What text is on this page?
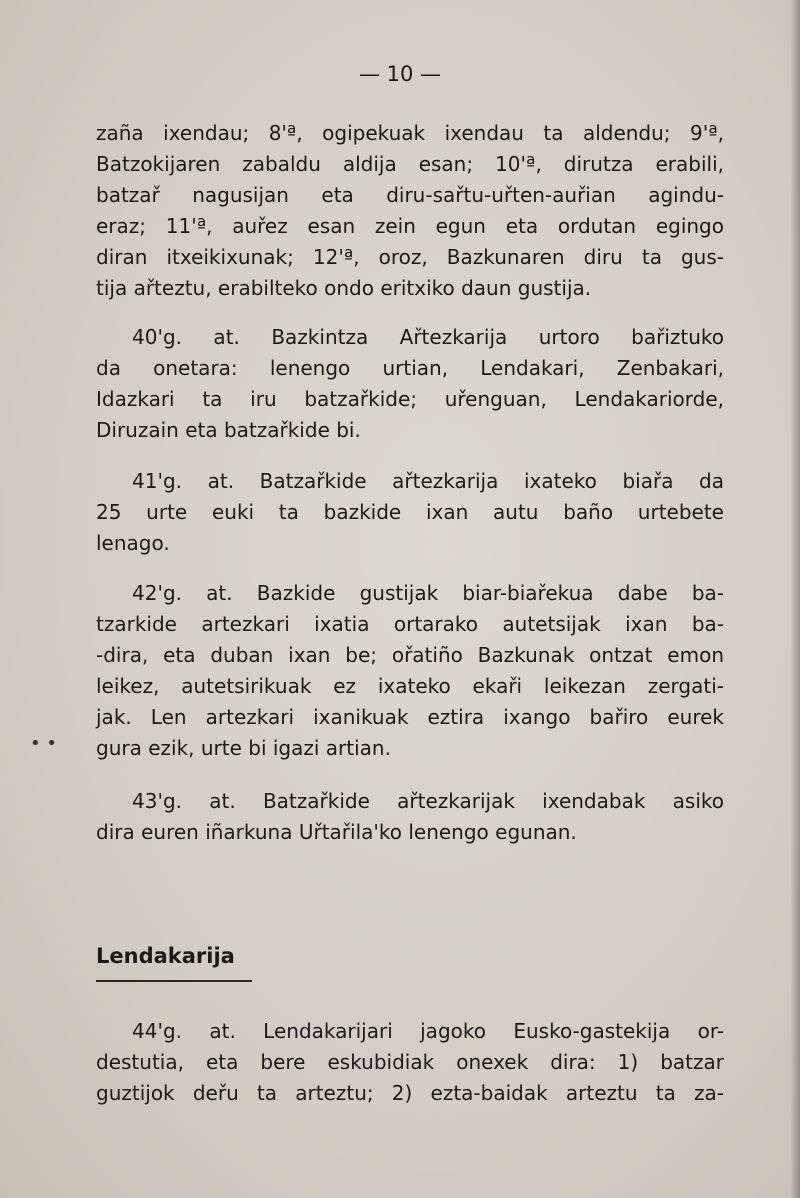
— 10 —
zaña ixendau; 8'ª, ogipekuak ixendau ta aldendu; 9'ª,
Batzokijaren zabaldu aldija esan; 10'ª, dirutza erabili,
batzař nagusijan eta diru-sařtu-uřten-auřian agindu-
eraz; 11'ª, auřez esan zein egun eta ordutan egingo
diran itxeikixunak; 12'ª, oroz, Bazkunaren diru ta gus-
tija ařteztu, erabilteko ondo eritxiko daun gustija.
40'g. at. Bazkintza Ařtezkarija urtoro bařiztuko
da onetara: lenengo urtian, Lendakari, Zenbakari,
Idazkari ta iru batzařkide; uřenguan, Lendakariorde,
Diruzain eta batzařkide bi.
41'g. at. Batzařkide ařtezkarija ixateko biařa da
25 urte euki ta bazkide ixan autu baño urtebete
lenago.
42'g. at. Bazkide gustijak biar-biařekua dabe ba-
tzarkide artezkari ixatia ortarako autetsijak ixan ba-
-dira, eta duban ixan be; ořatiño Bazkunak ontzat emon
leikez, autetsirikuak ez ixateko ekaři leikezan zergati-
jak. Len artezkari ixanikuak eztira ixango bařiro eurek
gura ezik, urte bi igazi artian.
• •
43'g. at. Batzařkide ařtezkarijak ixendabak asiko
dira euren iñarkuna Uřtařila'ko lenengo egunan.
Lendakarija
44'g. at. Lendakarijari jagoko Eusko-gastekija or-
destutia, eta bere eskubidiak onexek dira: 1) batzar
guztijok deřu ta arteztu; 2) ezta-baidak arteztu ta za-
